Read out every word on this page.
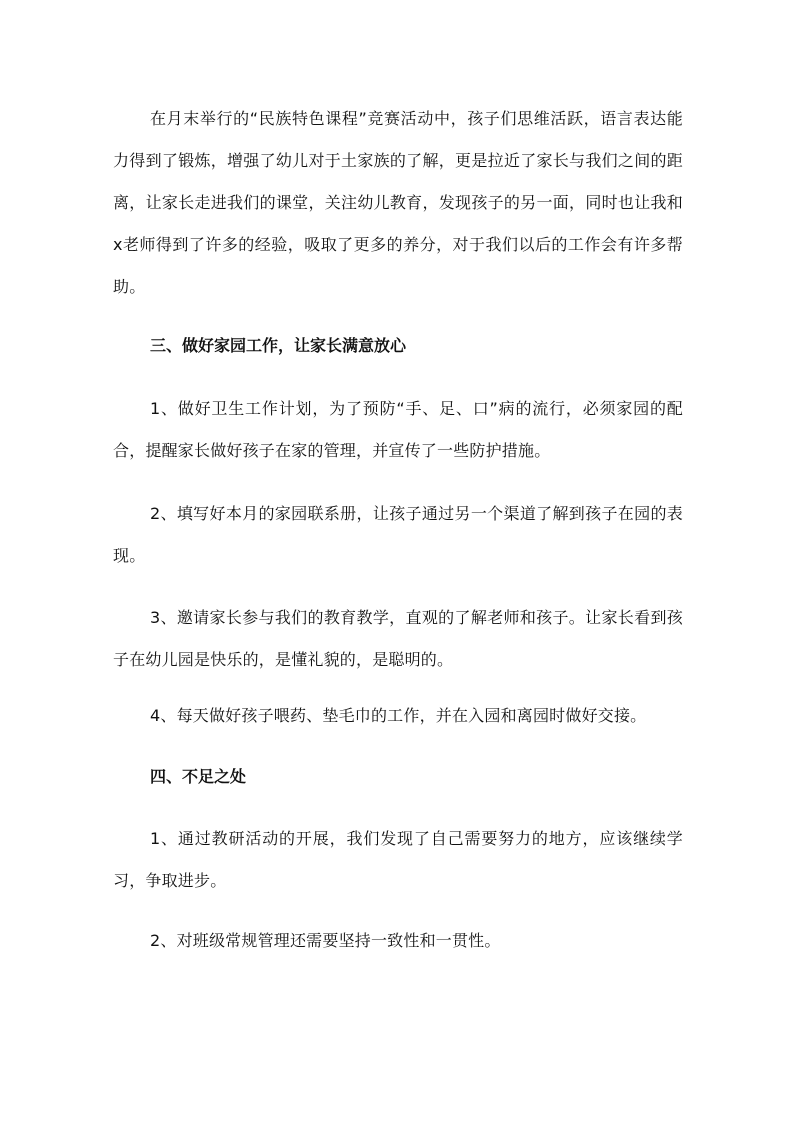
在月末举行的“民族特色课程”竞赛活动中，孩子们思维活跃，语言表达能力得到了锻炼，增强了幼儿对于土家族的了解，更是拉近了家长与我们之间的距离，让家长走进我们的课堂，关注幼儿教育，发现孩子的另一面，同时也让我和x老师得到了许多的经验，吸取了更多的养分，对于我们以后的工作会有许多帮助。

三、做好家园工作，让家长满意放心

1、做好卫生工作计划，为了预防“手、足、口”病的流行，必须家园的配合，提醒家长做好孩子在家的管理，并宣传了一些防护措施。

2、填写好本月的家园联系册，让孩子通过另一个渠道了解到孩子在园的表现。

3、邀请家长参与我们的教育教学，直观的了解老师和孩子。让家长看到孩子在幼儿园是快乐的，是懂礼貌的，是聪明的。

4、每天做好孩子喂药、垫毛巾的工作，并在入园和离园时做好交接。

四、不足之处

1、通过教研活动的开展，我们发现了自己需要努力的地方，应该继续学习，争取进步。

2、对班级常规管理还需要坚持一致性和一贯性。
